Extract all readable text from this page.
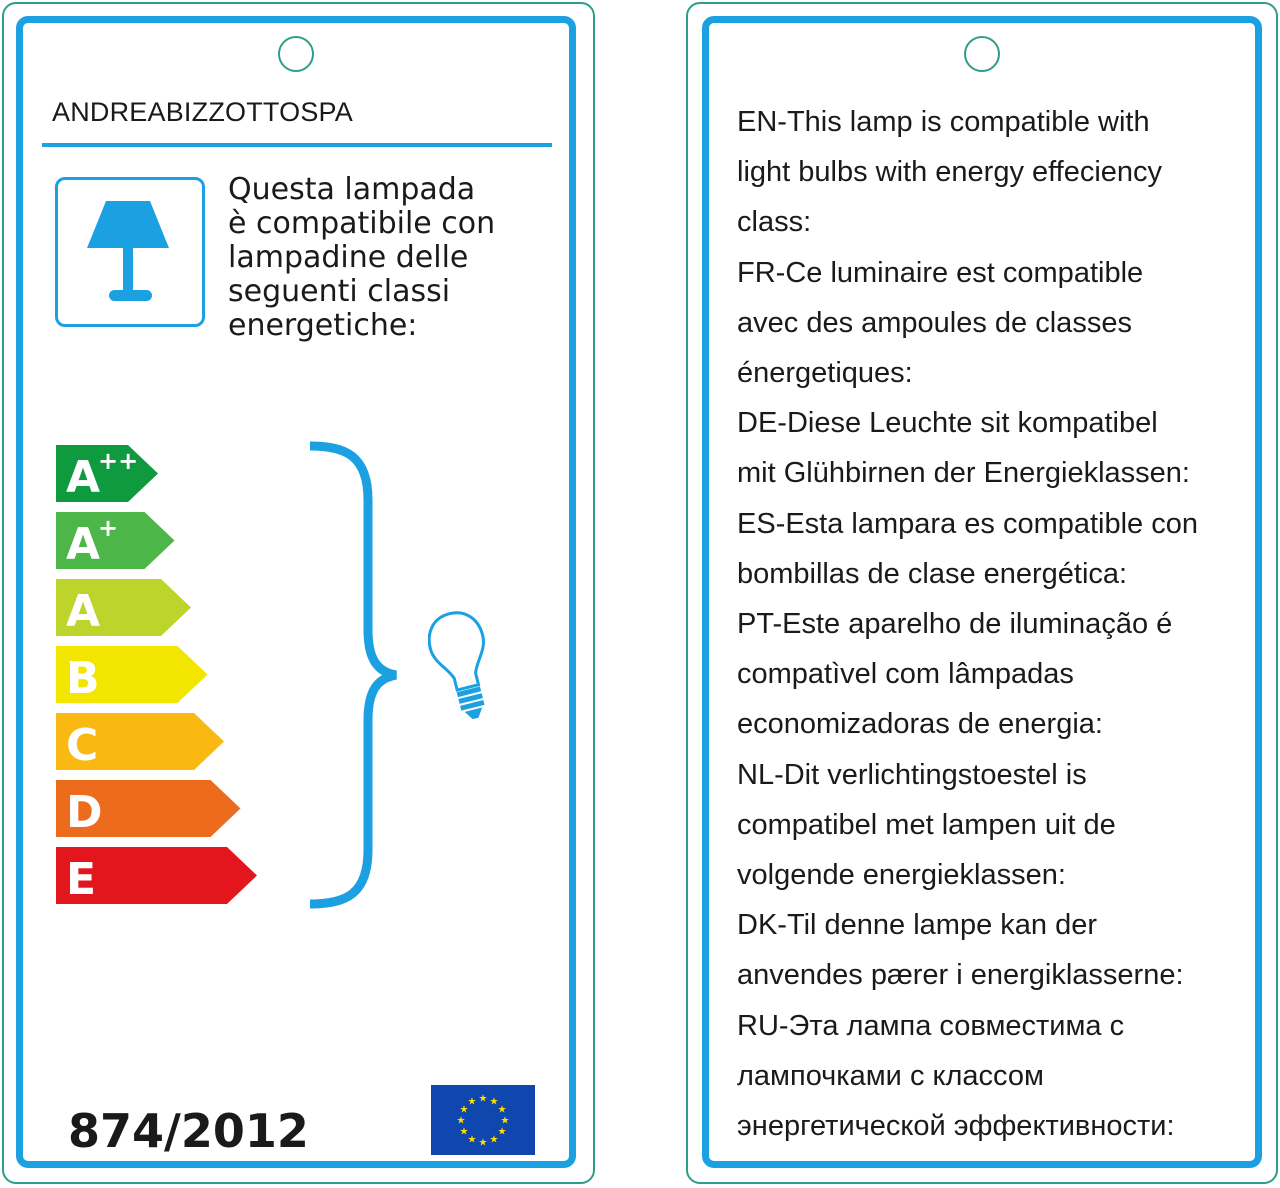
ANDREABIZZOTTOSPA
Questa lampada
è compatibile con
lampadine delle
seguenti classi
energetiche:
A
++
A
+
A
B
C
D
E
874/2012
★ ★
★
★
★
★
★
★
★
★
★
★
EN-This lamp is compatible with
light bulbs with energy effeciency
class:
FR-Ce luminaire est compatible
avec des ampoules de classes
énergetiques:
DE-Diese Leuchte sit kompatibel
mit Glühbirnen der Energieklassen:
ES-Esta lampara es compatible con
bombillas de clase energética:
PT-Este aparelho de iluminação é
compatìvel com lâmpadas
economizadoras de energia:
NL-Dit verlichtingstoestel is
compatibel met lampen uit de
volgende energieklassen:
DK-Til denne lampe kan der
anvendes pærer i energiklasserne:
RU-Эта лампа совместима с
лампочками с классом
энергетической эффективности:
